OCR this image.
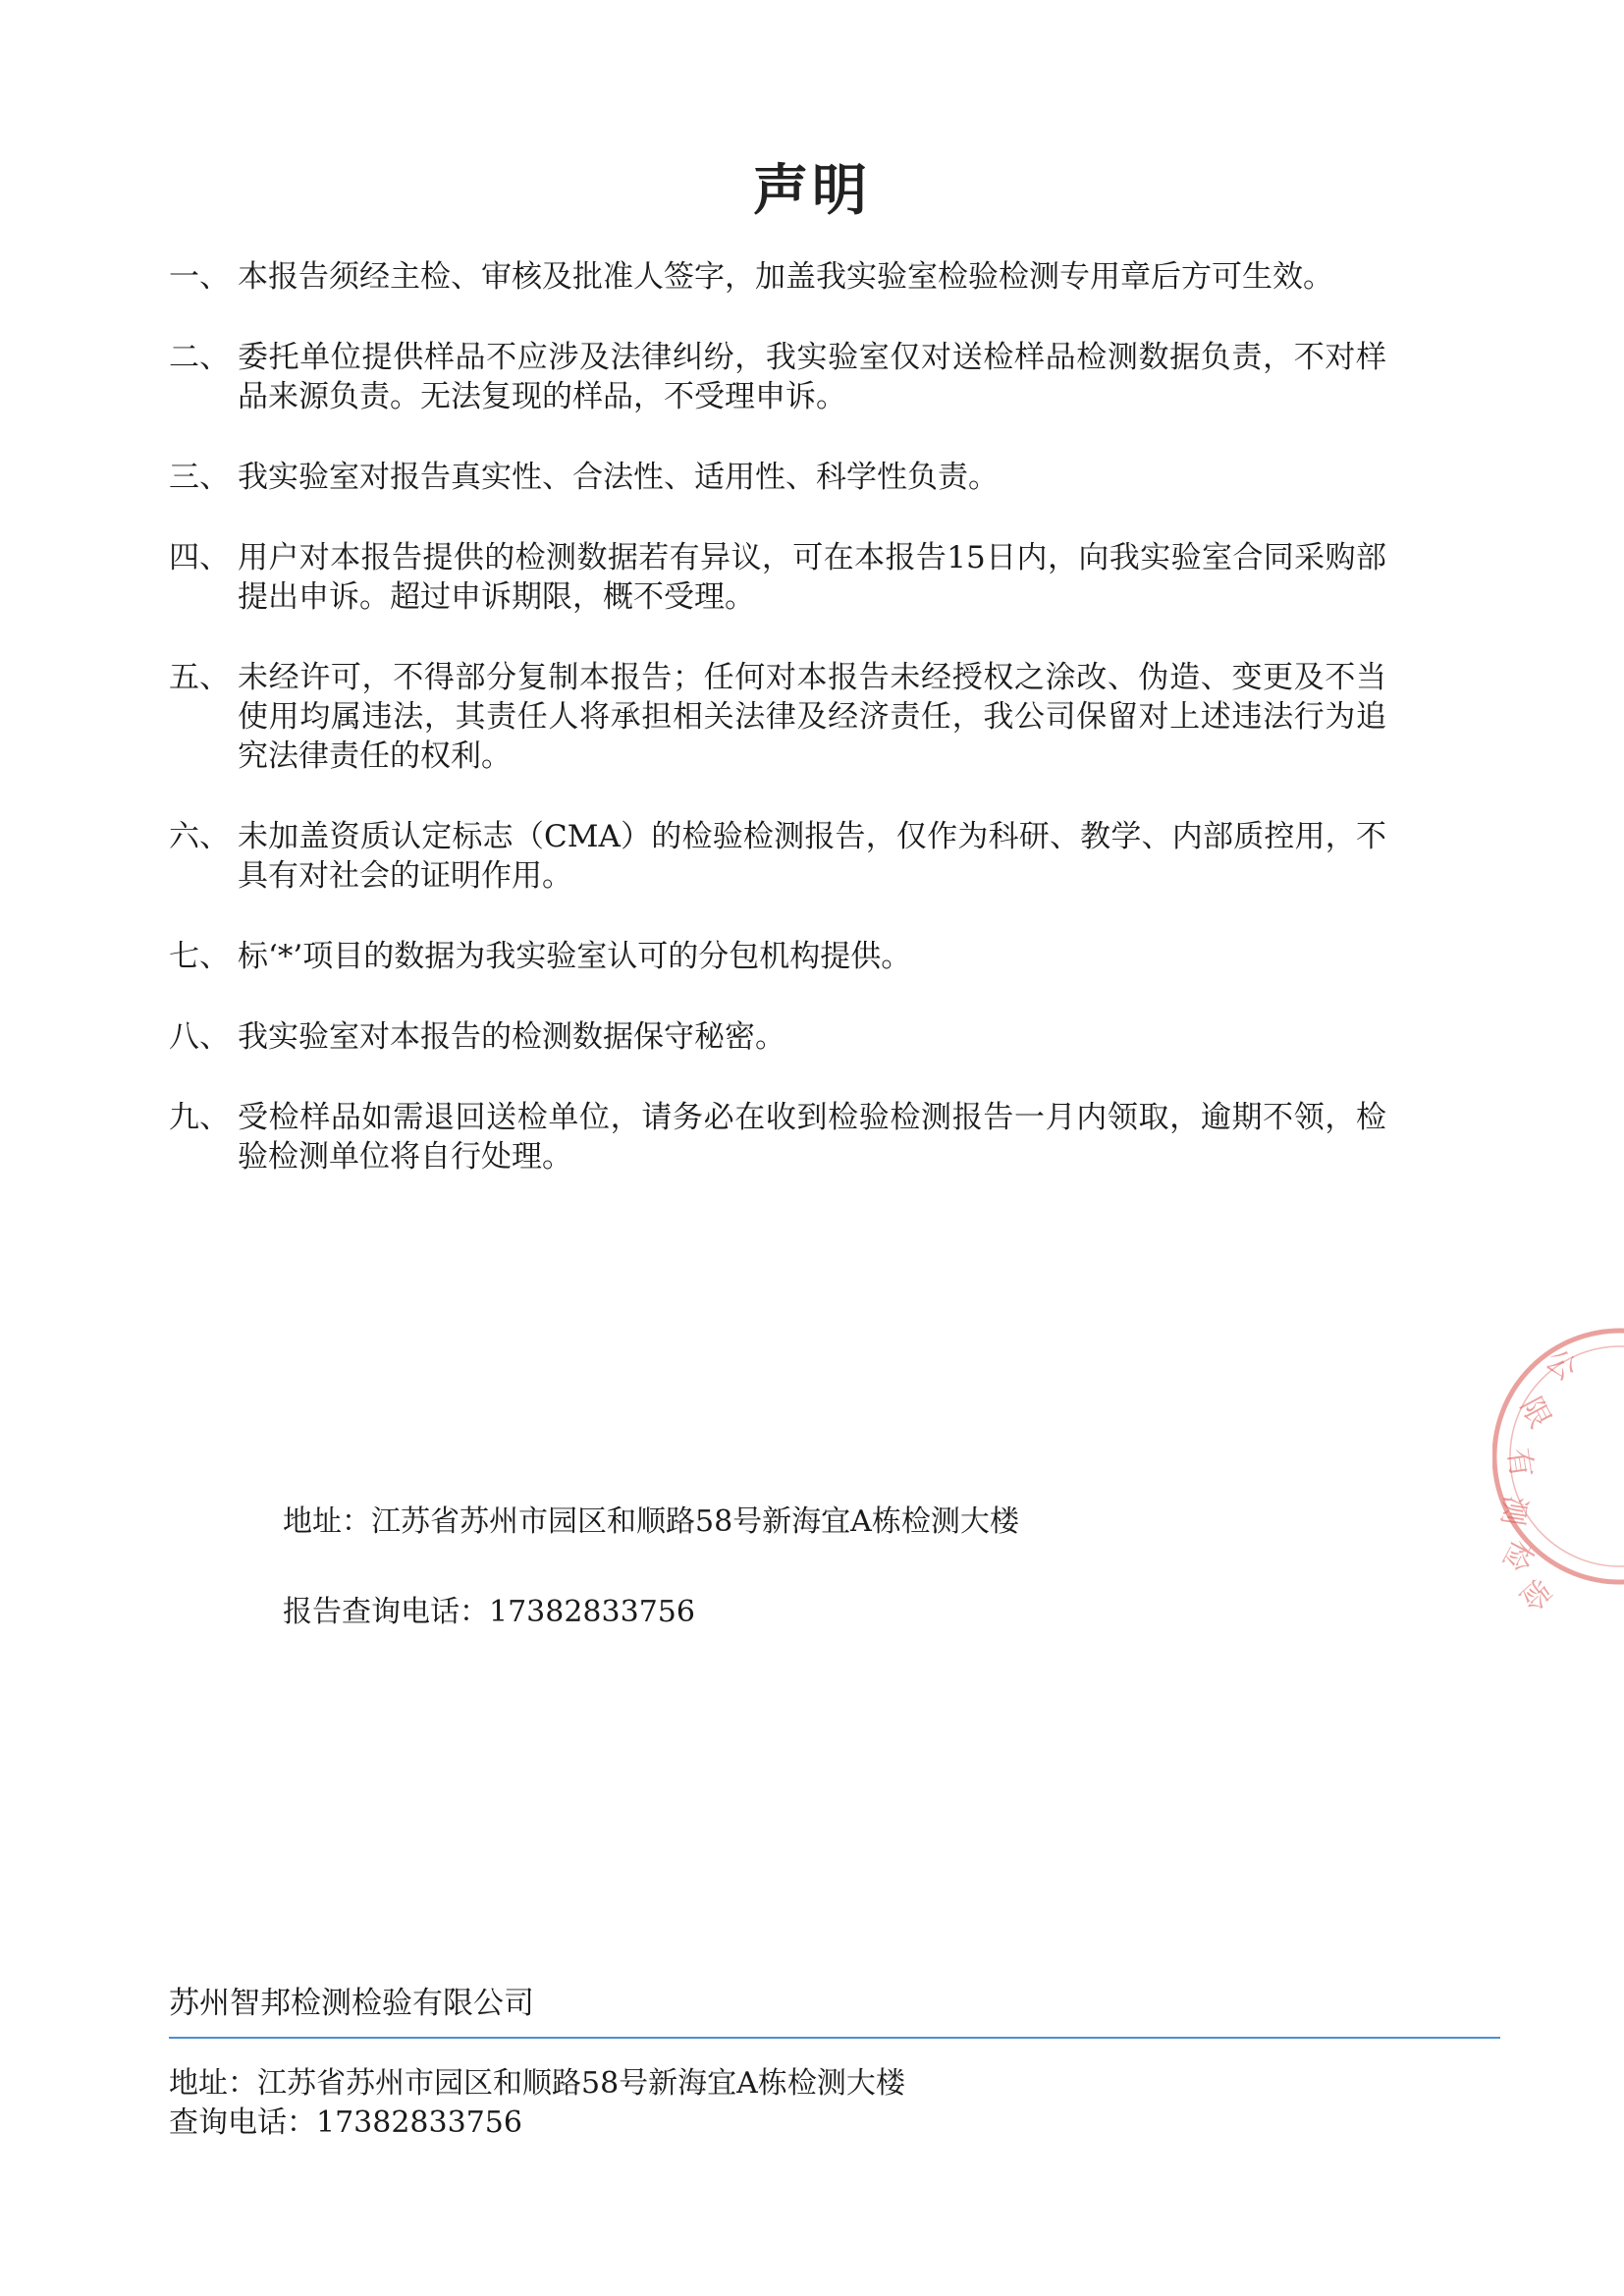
声明
一、 本报告须经主检、审核及批准人签字，加盖我实验室检验检测专用章后方可生效。
二、 委托单位提供样品不应涉及法律纠纷，我实验室仅对送检样品检测数据负责，不对样品来源负责。无法复现的样品，不受理申诉。
三、 我实验室对报告真实性、合法性、适用性、科学性负责。
四、 用户对本报告提供的检测数据若有异议，可在本报告15日内，向我实验室合同采购部提出申诉。超过申诉期限，概不受理。
五、 未经许可，不得部分复制本报告；任何对本报告未经授权之涂改、伪造、变更及不当使用均属违法，其责任人将承担相关法律及经济责任，我公司保留对上述违法行为追究法律责任的权利。
六、 未加盖资质认定标志（CMA）的检验检测报告，仅作为科研、教学、内部质控用，不具有对社会的证明作用。
七、 标‘*’项目的数据为我实验室认可的分包机构提供。
八、 我实验室对本报告的检测数据保守秘密。
九、 受检样品如需退回送检单位，请务必在收到检验检测报告一月内领取，逾期不领，检验检测单位将自行处理。
地址：江苏省苏州市园区和顺路58号新海宜A栋检测大楼
报告查询电话：17382833756
公
限
有
测
检
验
苏州智邦检测检验有限公司
地址：江苏省苏州市园区和顺路58号新海宜A栋检测大楼
查询电话：17382833756
